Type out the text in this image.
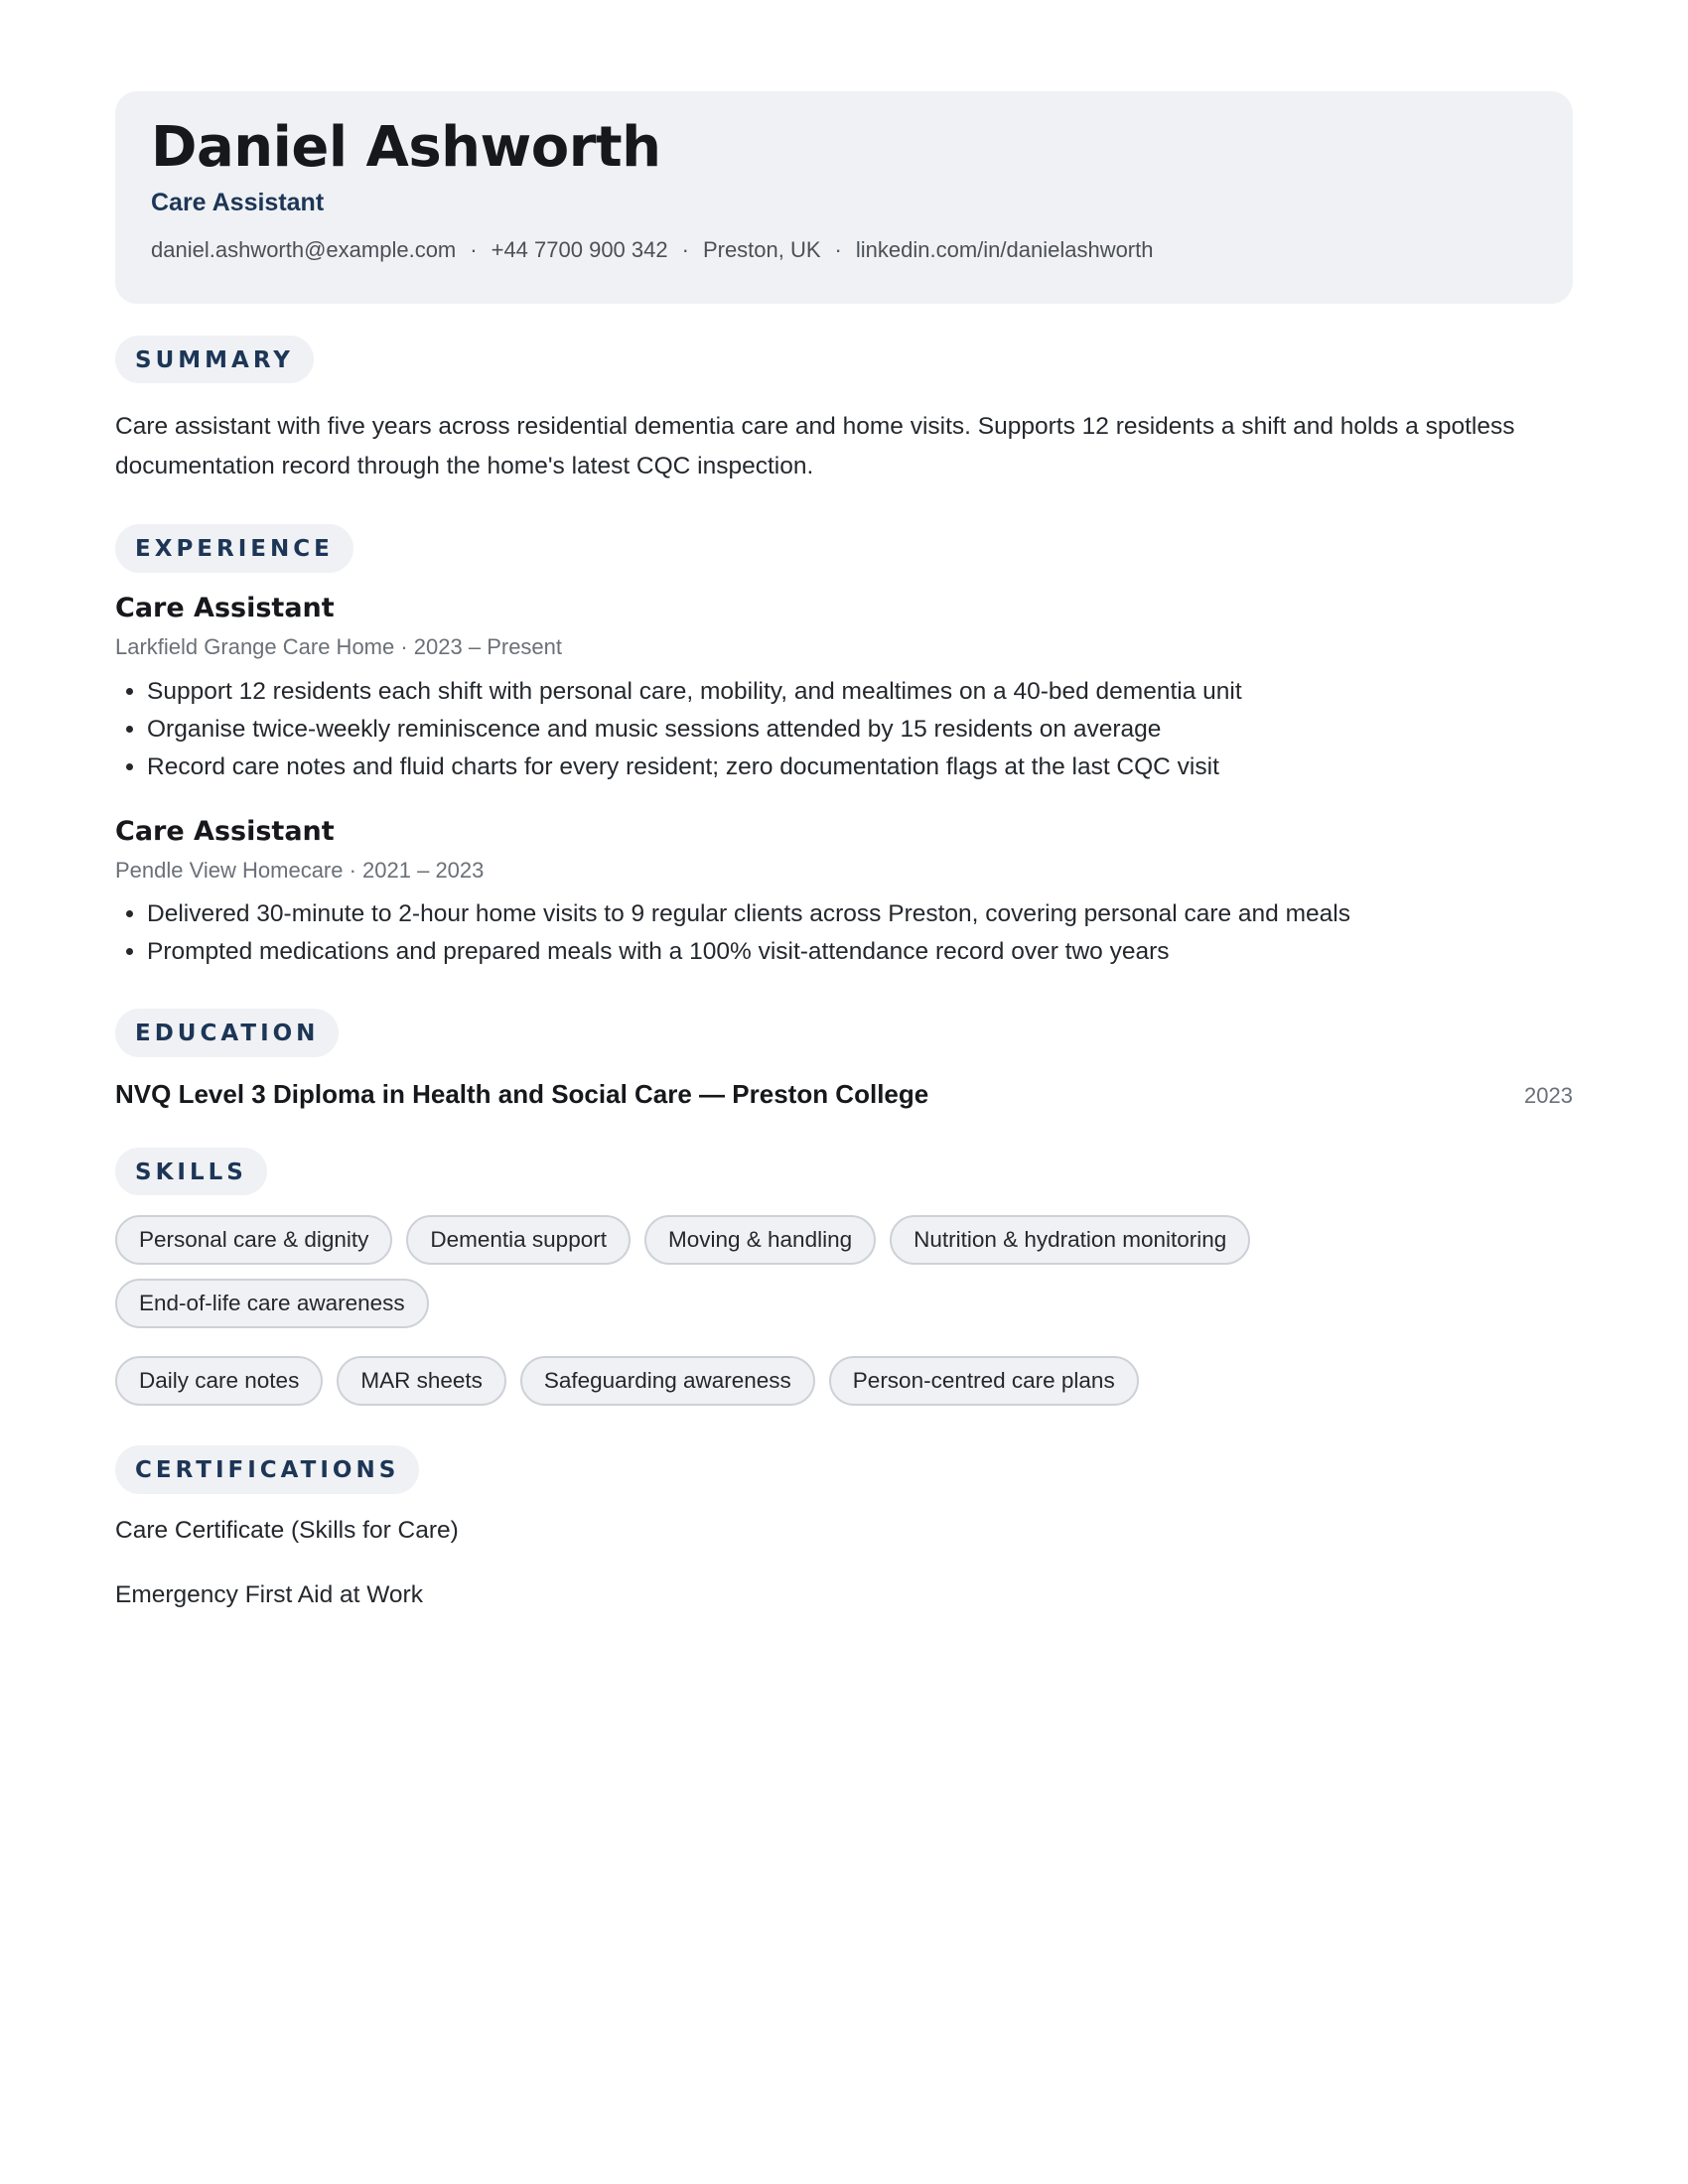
Daniel Ashworth
Care Assistant
daniel.ashworth@example.com · +44 7700 900 342 · Preston, UK · linkedin.com/in/danielashworth
SUMMARY
Care assistant with five years across residential dementia care and home visits. Supports 12 residents a shift and holds a spotless documentation record through the home's latest CQC inspection.
EXPERIENCE
Care Assistant
Larkfield Grange Care Home · 2023 – Present
• Support 12 residents each shift with personal care, mobility, and mealtimes on a 40-bed dementia unit
• Organise twice-weekly reminiscence and music sessions attended by 15 residents on average
• Record care notes and fluid charts for every resident; zero documentation flags at the last CQC visit
Care Assistant
Pendle View Homecare · 2021 – 2023
• Delivered 30-minute to 2-hour home visits to 9 regular clients across Preston, covering personal care and meals
• Prompted medications and prepared meals with a 100% visit-attendance record over two years
EDUCATION
NVQ Level 3 Diploma in Health and Social Care — Preston College	2023
SKILLS
Personal care & dignity	Dementia support	Moving & handling	Nutrition & hydration monitoring
End-of-life care awareness
Daily care notes	MAR sheets	Safeguarding awareness	Person-centred care plans
CERTIFICATIONS
Care Certificate (Skills for Care)
Emergency First Aid at Work
